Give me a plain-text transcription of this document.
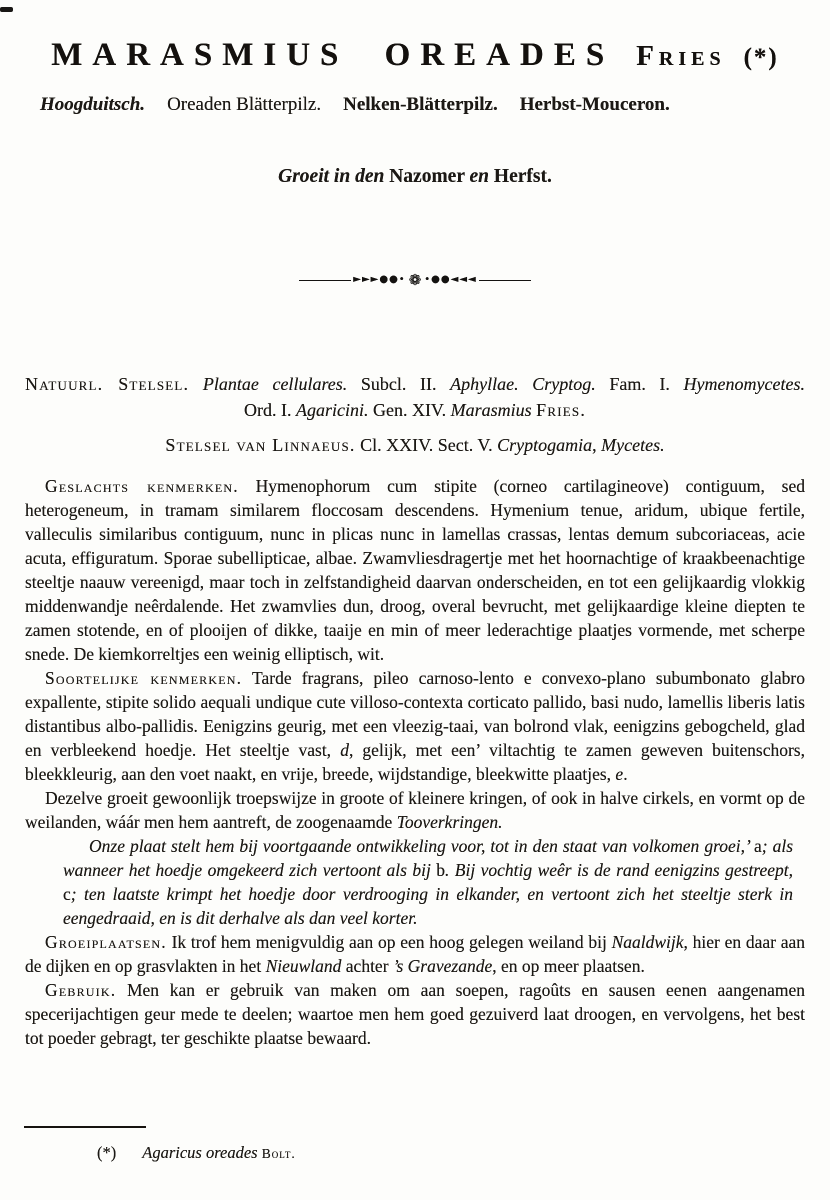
MARASMIUS OREADES Fries (*)
Hoogduitsch. Oreaden Blätterpilz. Nelken-Blätterpilz. Herbst-Mouceron.
Groeit in den Nazomer en Herfst.
►►►●●• ❁ •●●◄◄◄

Natuurl. Stelsel. Plantae cellulares. Subcl. II. Aphyllae. Cryptog. Fam. I. Hymenomycetes.

Ord. I. Agaricini. Gen. XIV. Marasmius Fries.

Stelsel van Linnaeus. Cl. XXIV. Sect. V. Cryptogamia, Mycetes.

Geslachts kenmerken. Hymenophorum cum stipite (corneo cartilagineove) contiguum, sed heterogeneum, in tramam similarem floccosam descendens. Hymenium tenue, aridum, ubique fertile, valleculis similaribus contiguum, nunc in plicas nunc in lamellas crassas, lentas demum subcoriaceas, acie acuta, effiguratum. Sporae subellipticae, albae. Zwamvliesdragertje met het hoornachtige of kraakbeenachtige steeltje naauw vereenigd, maar toch in zelfstandigheid daarvan onderscheiden, en tot een gelijkaardig vlokkig middenwandje neêrdalende. Het zwamvlies dun, droog, overal bevrucht, met gelijkaardige kleine diepten te zamen stotende, en of plooijen of dikke, taaije en min of meer lederachtige plaatjes vormende, met scherpe snede. De kiemkorreltjes een weinig elliptisch, wit.

Soortelijke kenmerken. Tarde fragrans, pileo carnoso-lento e convexo-plano subumbonato glabro expallente, stipite solido aequali undique cute villoso-contexta corticato pallido, basi nudo, lamellis liberis latis distantibus albo-pallidis. Eenigzins geurig, met een vleezig-taai, van bolrond vlak, eenigzins gebogcheld, glad en verbleekend hoedje. Het steeltje vast, d, gelijk, met een’ viltachtig te zamen geweven buitenschors, bleekkleurig, aan den voet naakt, en vrije, breede, wijdstandige, bleekwitte plaatjes, e.

Dezelve groeit gewoonlijk troepswijze in groote of kleinere kringen, of ook in halve cirkels, en vormt op de weilanden, wáár men hem aantreft, de zoogenaamde Tooverkringen.

Onze plaat stelt hem bij voortgaande ontwikkeling voor, tot in den staat van volkomen groei,’ a; als wanneer het hoedje omgekeerd zich vertoont als bij b. Bij vochtig weêr is de rand eenigzins gestreept, c; ten laatste krimpt het hoedje door verdrooging in elkander, en vertoont zich het steeltje sterk in eengedraaid, en is dit derhalve als dan veel korter.

Groeiplaatsen. Ik trof hem menigvuldig aan op een hoog gelegen weiland bij Naaldwijk, hier en daar aan de dijken en op grasvlakten in het Nieuwland achter ’s Gravezande, en op meer plaatsen.

Gebruik. Men kan er gebruik van maken om aan soepen, ragoûts en sausen eenen aangenamen specerijachtigen geur mede te deelen; waartoe men hem goed gezuiverd laat droogen, en vervolgens, het best tot poeder gebragt, ter geschikte plaatse bewaard.

(*) Agaricus oreades Bolt.
